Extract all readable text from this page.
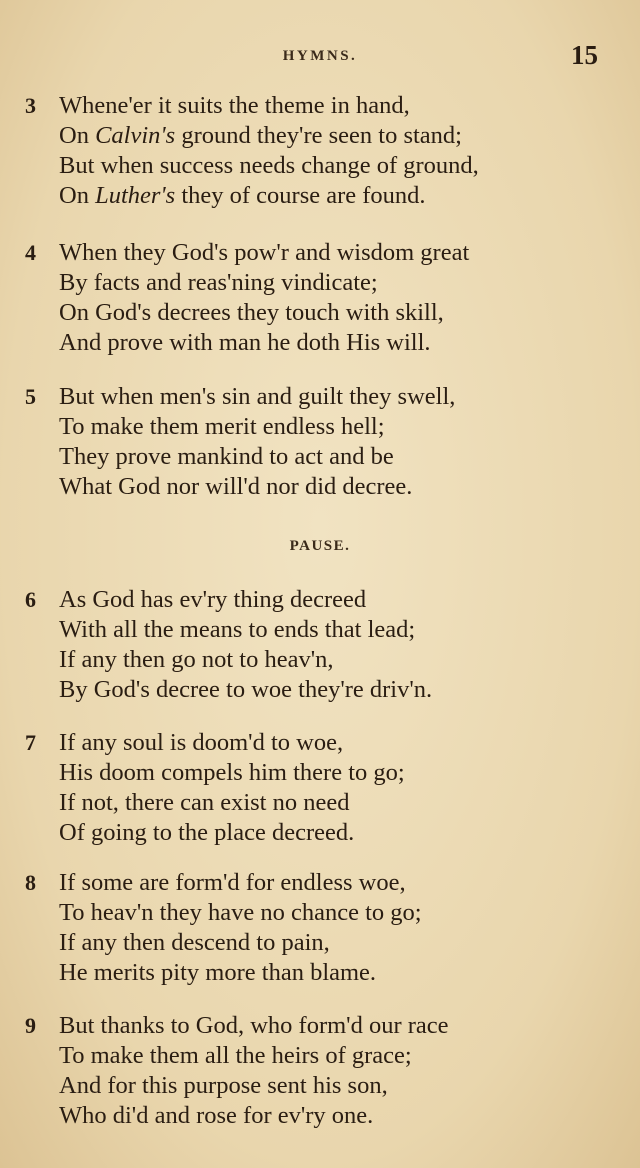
HYMNS.	15
3 Whene'er it suits the theme in hand,
On Calvin's ground they're seen to stand;
But when success needs change of ground,
On Luther's they of course are found.
4 When they God's pow'r and wisdom great
By facts and reas'ning vindicate;
On God's decrees they touch with skill,
And prove with man he doth His will.
5 But when men's sin and guilt they swell,
To make them merit endless hell;
They prove mankind to act and be
What God nor will'd nor did decree.
PAUSE.
6 As God has ev'ry thing decreed
With all the means to ends that lead;
If any then go not to heav'n,
By God's decree to woe they're driv'n.
7 If any soul is doom'd to woe,
His doom compels him there to go;
If not, there can exist no need
Of going to the place decreed.
8 If some are form'd for endless woe,
To heav'n they have no chance to go;
If any then descend to pain,
He merits pity more than blame.
9 But thanks to God, who form'd our race
To make them all the heirs of grace;
And for this purpose sent his son,
Who di'd and rose for ev'ry one.
